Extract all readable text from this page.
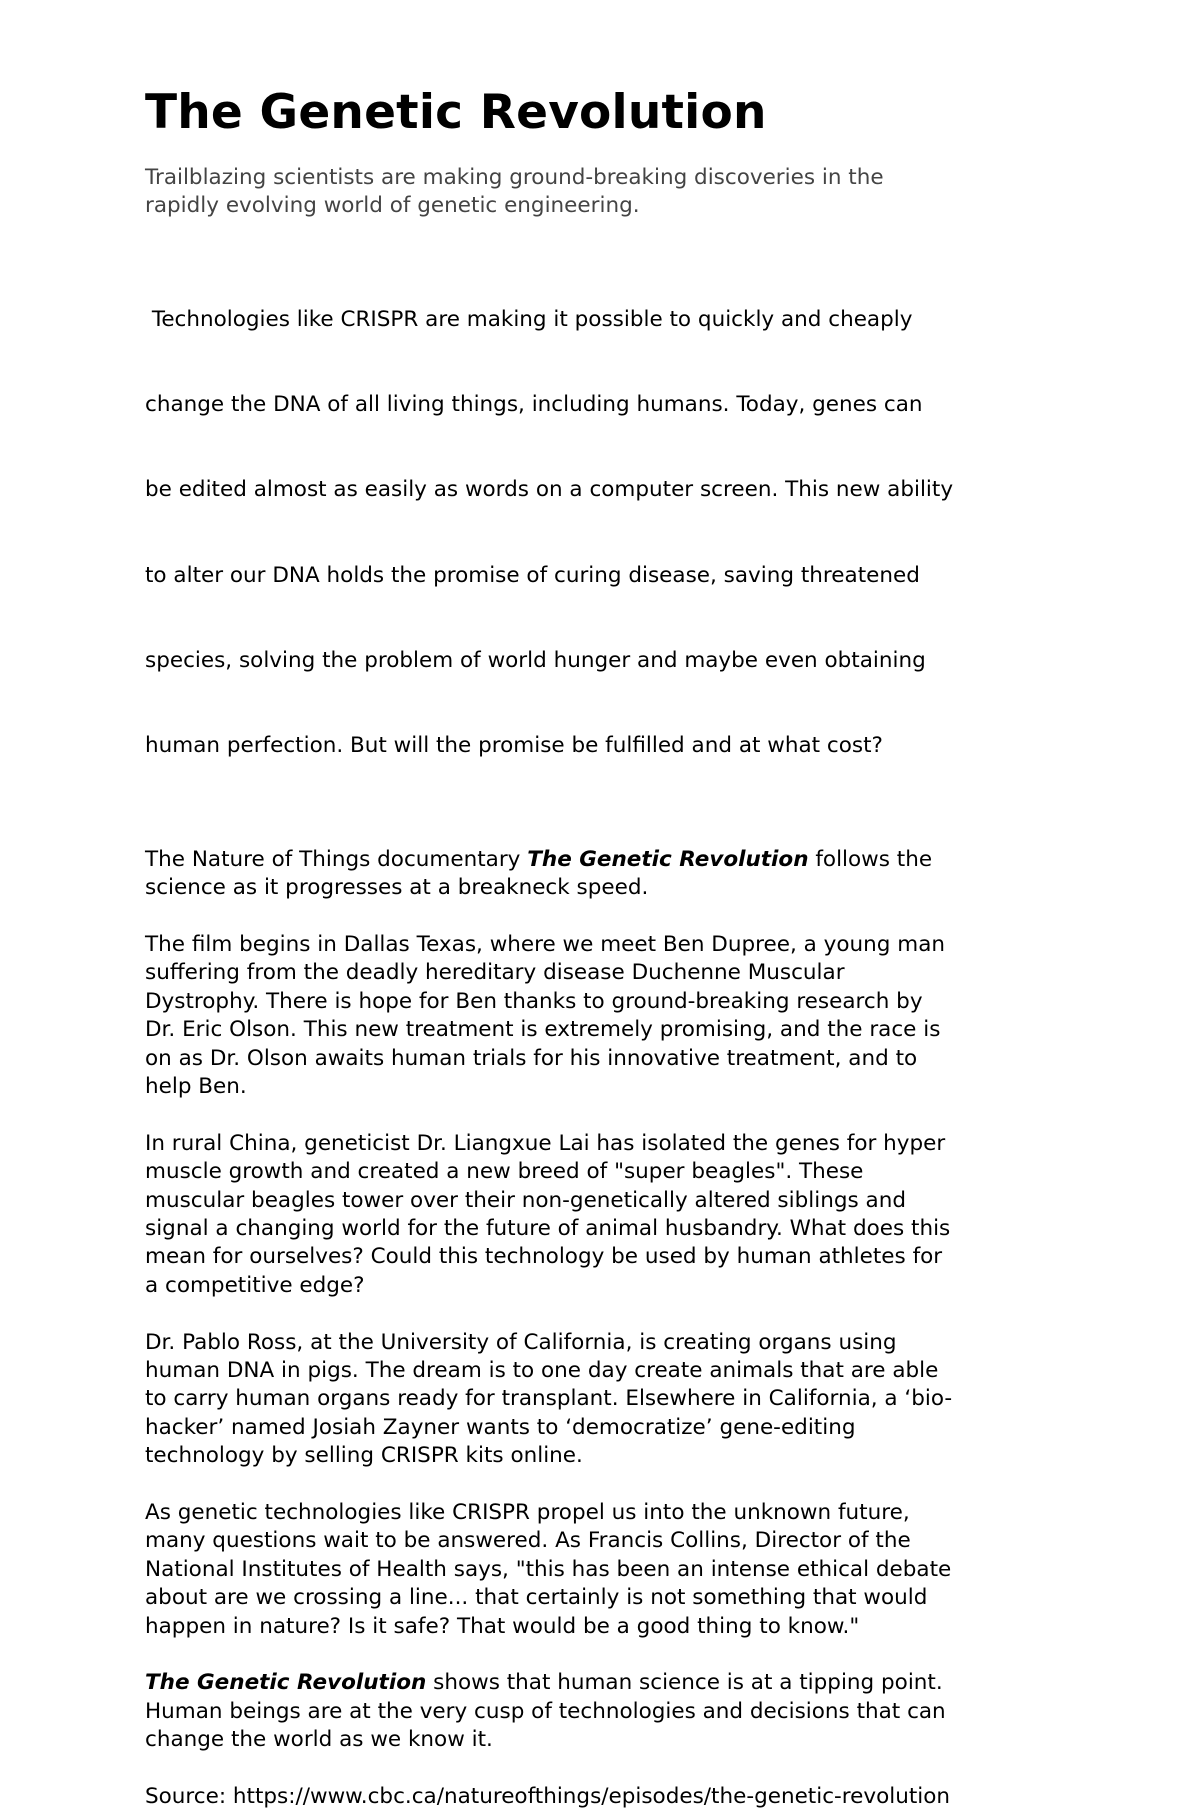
The Genetic Revolution

Trailblazing scientists are making ground-breaking discoveries in the
rapidly evolving world of genetic engineering.

Technologies like CRISPR are making it possible to quickly and cheaply

change the DNA of all living things, including humans. Today, genes can

be edited almost as easily as words on a computer screen. This new ability

to alter our DNA holds the promise of curing disease, saving threatened

species, solving the problem of world hunger and maybe even obtaining

human perfection. But will the promise be fulfilled and at what cost?

The Nature of Things documentary The Genetic Revolution follows the
science as it progresses at a breakneck speed.

The film begins in Dallas Texas, where we meet Ben Dupree, a young man
suffering from the deadly hereditary disease Duchenne Muscular
Dystrophy. There is hope for Ben thanks to ground-breaking research by
Dr. Eric Olson. This new treatment is extremely promising, and the race is
on as Dr. Olson awaits human trials for his innovative treatment, and to
help Ben.

In rural China, geneticist Dr. Liangxue Lai has isolated the genes for hyper
muscle growth and created a new breed of "super beagles". These
muscular beagles tower over their non-genetically altered siblings and
signal a changing world for the future of animal husbandry. What does this
mean for ourselves? Could this technology be used by human athletes for
a competitive edge?

Dr. Pablo Ross, at the University of California, is creating organs using
human DNA in pigs. The dream is to one day create animals that are able
to carry human organs ready for transplant. Elsewhere in California, a ‘bio-
hacker’ named Josiah Zayner wants to ‘democratize’ gene-editing
technology by selling CRISPR kits online.

As genetic technologies like CRISPR propel us into the unknown future,
many questions wait to be answered. As Francis Collins, Director of the
National Institutes of Health says, "this has been an intense ethical debate
about are we crossing a line... that certainly is not something that would
happen in nature? Is it safe? That would be a good thing to know."

The Genetic Revolution shows that human science is at a tipping point.
Human beings are at the very cusp of technologies and decisions that can
change the world as we know it.

Source: https://www.cbc.ca/natureofthings/episodes/the-genetic-revolution
